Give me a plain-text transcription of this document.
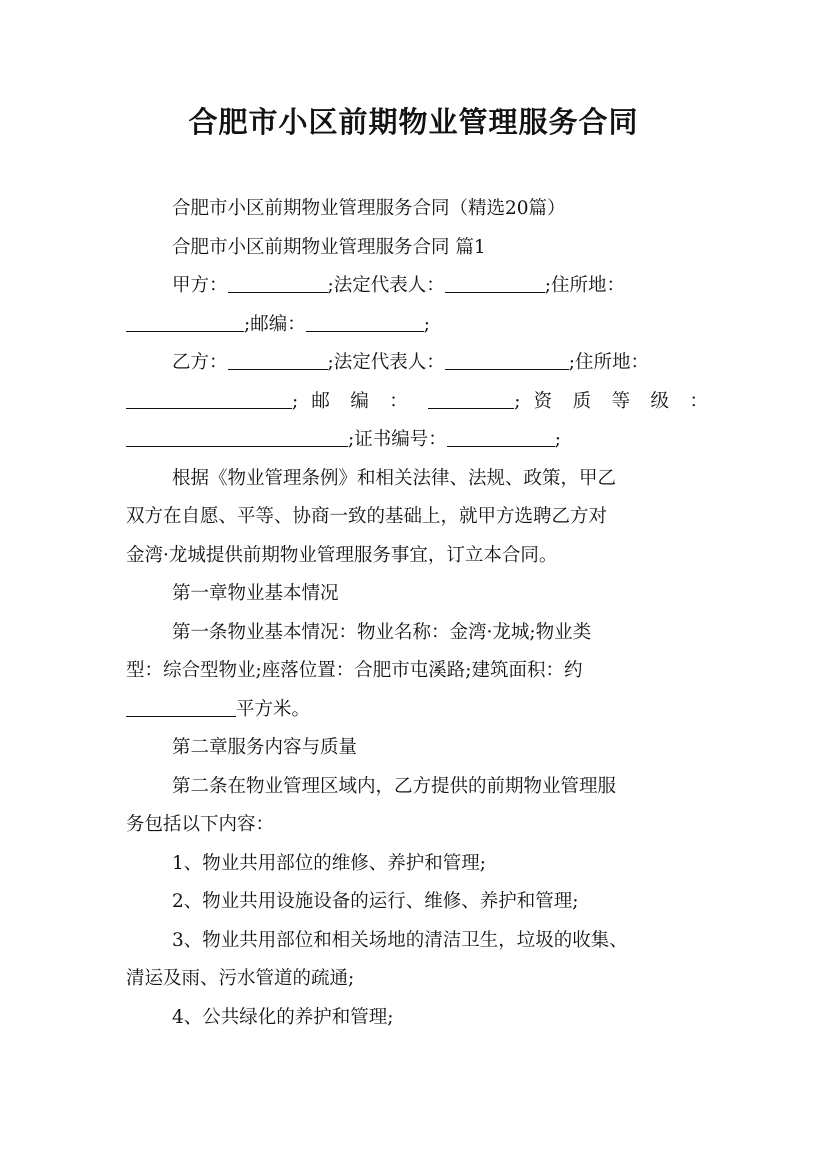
合肥市小区前期物业管理服务合同

合肥市小区前期物业管理服务合同（精选20篇）

合肥市小区前期物业管理服务合同 篇1

甲方：	;法定代表人：	;住所地：

;邮编：	;

乙方：	;法定代表人：	;住所地：

; 邮 编 ：	; 资 质 等 级 ：

;证书编号：	;

根据《物业管理条例》和相关法律、法规、政策，甲乙

双方在自愿、平等、协商一致的基础上，就甲方选聘乙方对

金湾·龙城提供前期物业管理服务事宜，订立本合同。

第一章物业基本情况

第一条物业基本情况：物业名称：金湾·龙城;物业类

型：综合型物业;座落位置：合肥市屯溪路;建筑面积：约

平方米。

第二章服务内容与质量

第二条在物业管理区域内，乙方提供的前期物业管理服

务包括以下内容：

1、物业共用部位的维修、养护和管理;

2、物业共用设施设备的运行、维修、养护和管理;

3、物业共用部位和相关场地的清洁卫生，垃圾的收集、

清运及雨、污水管道的疏通;

4、公共绿化的养护和管理;
